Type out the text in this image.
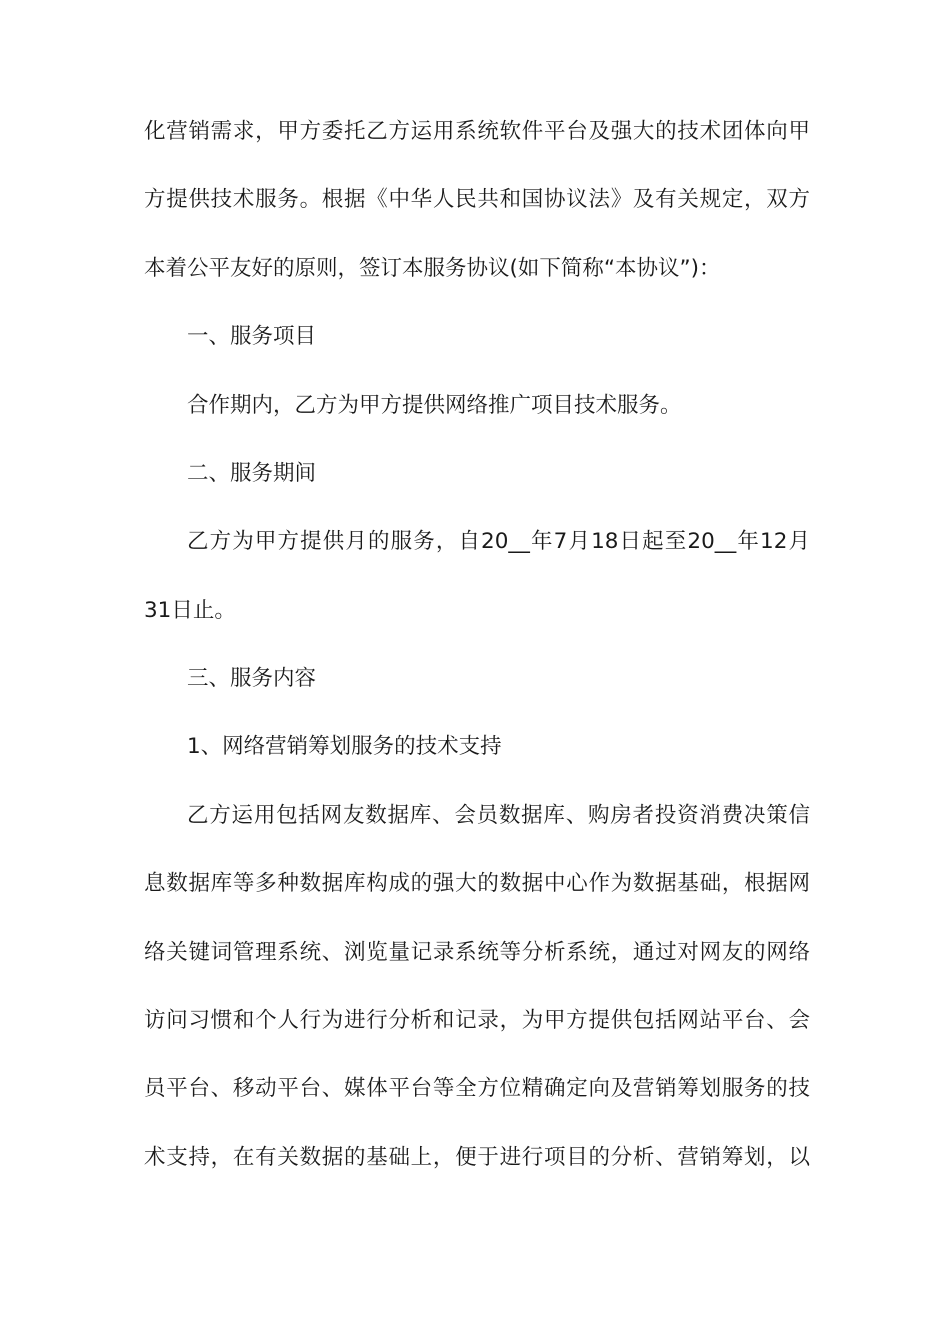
化营销需求，甲方委托乙方运用系统软件平台及强大的技术团体向甲
方提供技术服务。根据《中华人民共和国协议法》及有关规定，双方
本着公平友好的原则，签订本服务协议(如下简称“本协议”)：
一、服务项目
合作期内，乙方为甲方提供网络推广项目技术服务。
二、服务期间
乙方为甲方提供月的服务，自20__年7月18日起至20__年12月
31日止。
三、服务内容
1、网络营销筹划服务的技术支持
乙方运用包括网友数据库、会员数据库、购房者投资消费决策信
息数据库等多种数据库构成的强大的数据中心作为数据基础，根据网
络关键词管理系统、浏览量记录系统等分析系统，通过对网友的网络
访问习惯和个人行为进行分析和记录，为甲方提供包括网站平台、会
员平台、移动平台、媒体平台等全方位精确定向及营销筹划服务的技
术支持，在有关数据的基础上，便于进行项目的分析、营销筹划，以
